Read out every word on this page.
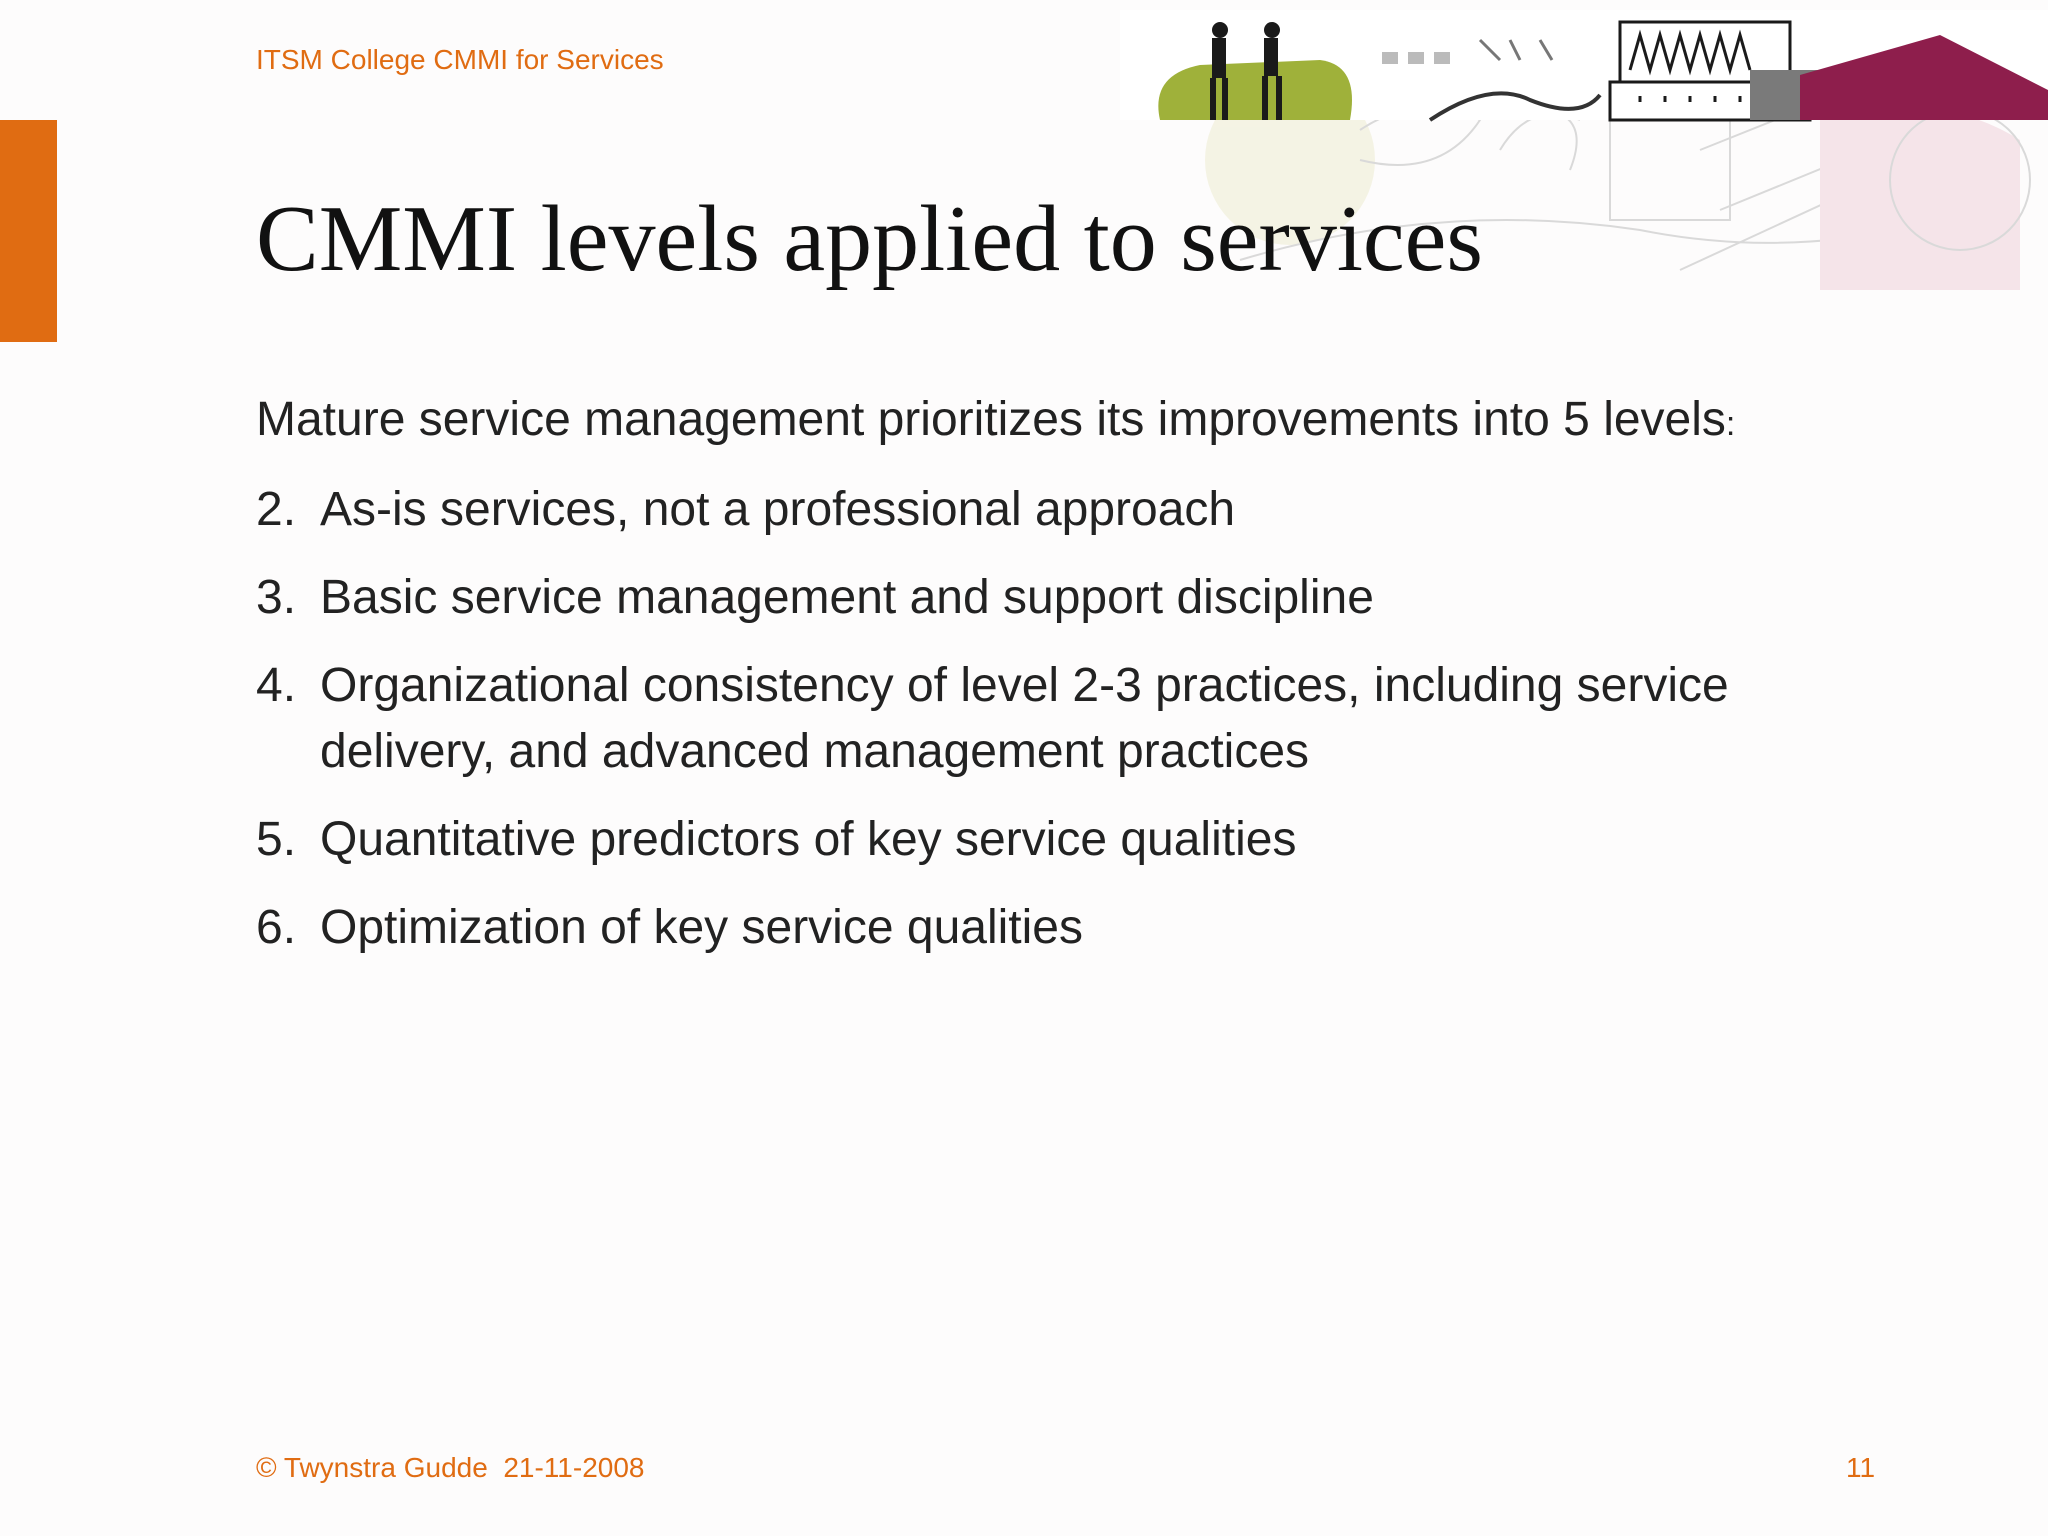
ITSM College CMMI for Services
CMMI levels applied to services

Mature service management prioritizes its improvements into 5 levels:

2. As-is services, not a professional approach
3. Basic service management and support discipline
4. Organizational consistency of level 2-3 practices, including service delivery, and advanced management practices
5. Quantitative predictors of key service qualities
6. Optimization of key service qualities
© Twynstra Gudde  21-11-2008	11
